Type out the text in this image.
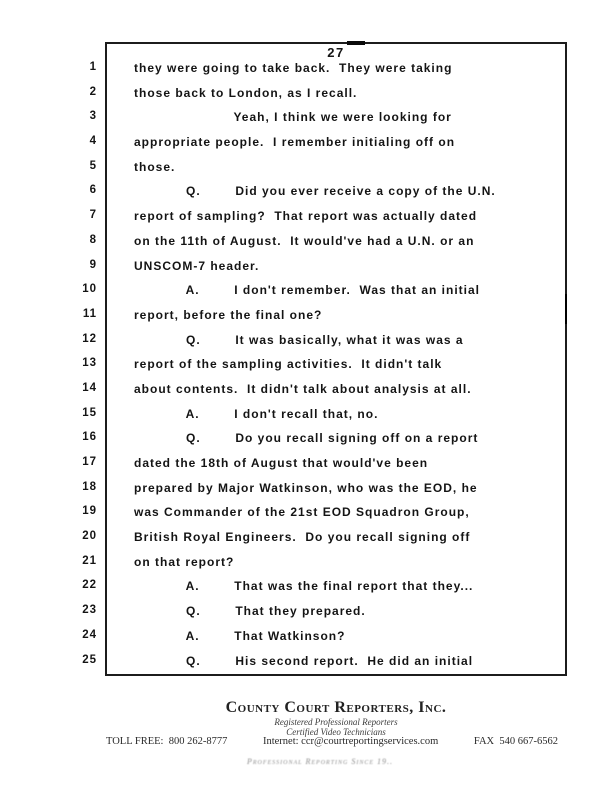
27
1	they were going to take back.  They were taking
2	those back to London, as I recall.
3	Yeah, I think we were looking for
4	appropriate people.  I remember initialing off on
5	those.
6	Q.        Did you ever receive a copy of the U.N.
7	report of sampling?  That report was actually dated
8	on the 11th of August.  It would've had a U.N. or an
9	UNSCOM-7 header.
10	A.        I don't remember.  Was that an initial
11	report, before the final one?
12	Q.        It was basically, what it was was a
13	report of the sampling activities.  It didn't talk
14	about contents.  It didn't talk about analysis at all.
15	A.        I don't recall that, no.
16	Q.        Do you recall signing off on a report
17	dated the 18th of August that would've been
18	prepared by Major Watkinson, who was the EOD, he
19	was Commander of the 21st EOD Squadron Group,
20	British Royal Engineers.  Do you recall signing off
21	on that report?
22	A.        That was the final report that they...
23	Q.        That they prepared.
24	A.        That Watkinson?
25	Q.        His second report.  He did an initial
County Court Reporters, Inc.
Registered Professional Reporters
Certified Video Technicians
TOLL FREE:  800 262-8777	Internet: ccr@courtreportingservices.com	FAX  540 667-6562
Professional Reporting Since 19..
